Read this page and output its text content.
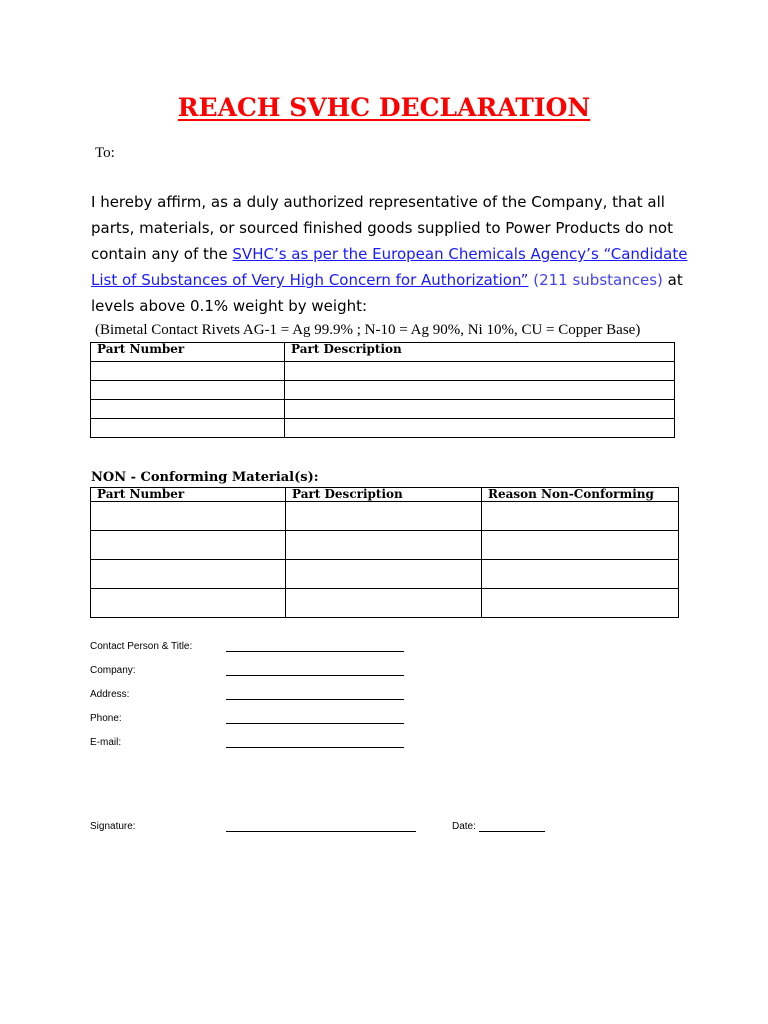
REACH SVHC DECLARATION
To:
I hereby affirm, as a duly authorized representative of the Company, that all parts, materials, or sourced finished goods supplied to Power Products do not contain any of the SVHC’s as per the European Chemicals Agency’s “Candidate List of Substances of Very High Concern for Authorization” (211 substances) at levels above 0.1% weight by weight:
(Bimetal Contact Rivets AG-1 = Ag 99.9% ; N-10 = Ag 90%, Ni 10%, CU = Copper Base)
Part Number	Part Description

NON - Conforming Material(s):
Part Number	Part Description	Reason Non-Conforming

Contact Person & Title:
Company:
Address:
Phone:
E-mail:
Signature:	Date:
